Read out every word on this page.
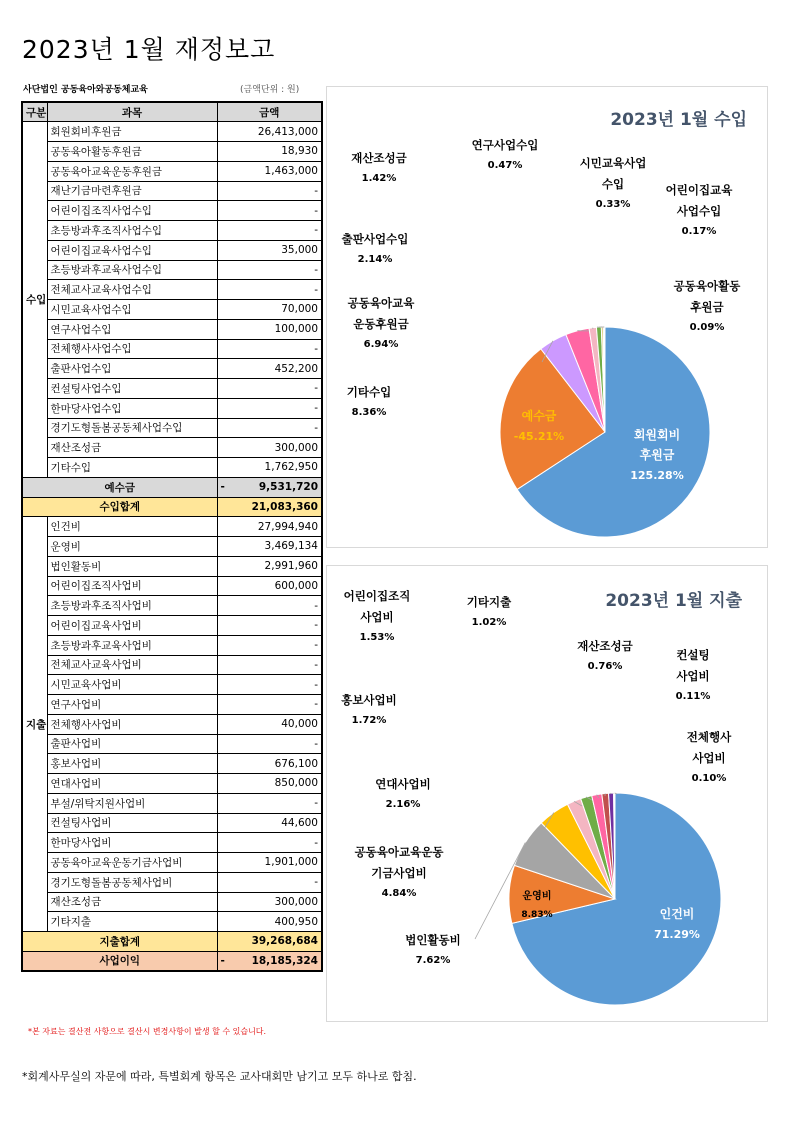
2023년 1월 재정보고
사단법인 공동육아와공동체교육	(금액단위 : 원)
구분	과목	금액
수입	회원회비후원금	26,413,000
	공동육아활동후원금	18,930
	공동육아교육운동후원금	1,463,000
	재난기금마련후원금	-
	어린이집조직사업수입	-
	초등방과후조직사업수입	-
	어린이집교육사업수입	35,000
	초등방과후교육사업수입	-
	전체교사교육사업수입	-
	시민교육사업수입	70,000
	연구사업수입	100,000
	전체행사사업수입	-
	출판사업수입	452,200
	컨설팅사업수입	-
	한마당사업수입	-
	경기도형돌봄공동체사업수입	-
	재산조성금	300,000
	기타수입	1,762,950
예수금		- 9,531,720
수입합계		21,083,360
지출	인건비	27,994,940
	운영비	3,469,134
	법인활동비	2,991,960
	어린이집조직사업비	600,000
	초등방과후조직사업비	-
	어린이집교육사업비	-
	초등방과후교육사업비	-
	전체교사교육사업비	-
	시민교육사업비	-
	연구사업비	-
	전체행사사업비	40,000
	출판사업비	-
	홍보사업비	676,100
	연대사업비	850,000
	부설/위탁지원사업비	-
	컨설팅사업비	44,600
	한마당사업비	-
	공동육아교육운동기금사업비	1,901,000
	경기도형돌봄공동체사업비	-
	재산조성금	300,000
	기타지출	400,950
지출합계		39,268,684
사업이익		- 18,185,324
*본 자료는 결산전 사항으로 결산시 변경사항이 발생 할 수 있습니다.
*회계사무실의 자문에 따라, 특별회계 항목은 교사대회만 남기고 모두 하나로 합침.
2023년 1월 수입
회원회비
후원금
125.28%
예수금
-45.21%
기타수입
8.36%
공동육아교육
운동후원금
6.94%
출판사업수입
2.14%
재산조성금
1.42%
연구사업수입
0.47%	시민교육사업
수입
0.33%
어린이집교육
사업수입
0.17%
공동육아활동
후원금
0.09%
2023년 1월 지출
인건비
71.29%
운영비
8.83%
법인활동비
7.62%
공동육아교육운동
기금사업비
4.84%
연대사업비
2.16%
홍보사업비
1.72%
어린이집조직
사업비
1.53%
기타지출
1.02%
재산조성금
0.76%
컨설팅
사업비
0.11%
전체행사
사업비
0.10%
